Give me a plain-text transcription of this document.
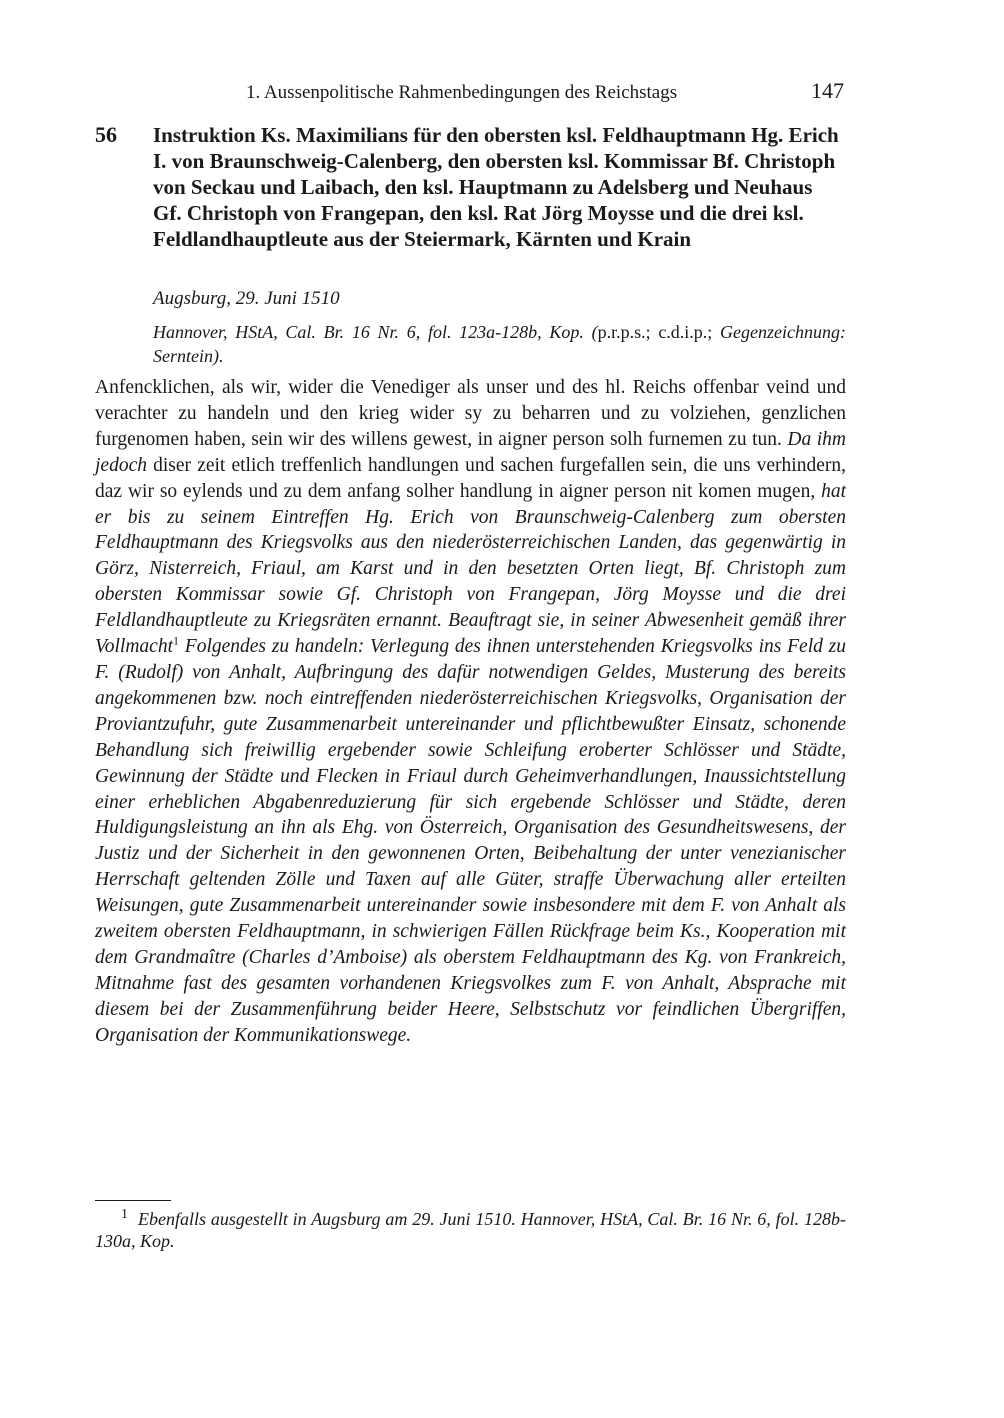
1. Aussenpolitische Rahmenbedingungen des Reichstags	147
56 Instruktion Ks. Maximilians für den obersten ksl. Feldhauptmann Hg. Erich I. von Braunschweig-Calenberg, den obersten ksl. Kommissar Bf. Christoph von Seckau und Laibach, den ksl. Hauptmann zu Adelsberg und Neuhaus Gf. Christoph von Frangepan, den ksl. Rat Jörg Moysse und die drei ksl. Feldlandhauptleute aus der Steiermark, Kärnten und Krain
Augsburg, 29. Juni 1510

Hannover, HStA, Cal. Br. 16 Nr. 6, fol. 123a-128b, Kop. (p.r.p.s.; c.d.i.p.; Gegenzeichnung: Serntein).

Anfencklichen, als wir, wider die Venediger als unser und des hl. Reichs offenbar veind und verachter zu handeln und den krieg wider sy zu beharren und zu volziehen, genzlichen furgenomen haben, sein wir des willens gewest, in aigner person solh furnemen zu tun. Da ihm jedoch diser zeit etlich treffenlich handlungen und sachen furgefallen sein, die uns verhindern, daz wir so eylends und zu dem anfang solher handlung in aigner person nit komen mugen, hat er bis zu seinem Eintreffen Hg. Erich von Braunschweig-Calenberg zum obersten Feldhauptmann des Kriegsvolks aus den niederösterreichischen Landen, das gegenwärtig in Görz, Nisterreich, Friaul, am Karst und in den besetzten Orten liegt, Bf. Christoph zum obersten Kommissar sowie Gf. Christoph von Frangepan, Jörg Moysse und die drei Feldlandhauptleute zu Kriegsräten ernannt. Beauftragt sie, in seiner Abwesenheit gemäß ihrer Vollmacht$^1$ Folgendes zu handeln: Verlegung des ihnen unterstehenden Kriegsvolks ins Feld zu F. (Rudolf) von Anhalt, Aufbringung des dafür notwendigen Geldes, Musterung des bereits angekommenen bzw. noch eintreffenden niederösterreichischen Kriegsvolks, Organisation der Proviantzufuhr, gute Zusammenarbeit untereinander und pflichtbewußter Einsatz, schonende Behandlung sich freiwillig ergebender sowie Schleifung eroberter Schlösser und Städte, Gewinnung der Städte und Flecken in Friaul durch Geheimverhandlungen, Inaussichtstellung einer erheblichen Abgabenreduzierung für sich ergebende Schlösser und Städte, deren Huldigungsleistung an ihn als Ehg. von Österreich, Organisation des Gesundheitswesens, der Justiz und der Sicherheit in den gewonnenen Orten, Beibehaltung der unter venezianischer Herrschaft geltenden Zölle und Taxen auf alle Güter, straffe Überwachung aller erteilten Weisungen, gute Zusammenarbeit untereinander sowie insbesondere mit dem F. von Anhalt als zweitem obersten Feldhauptmann, in schwierigen Fällen Rückfrage beim Ks., Kooperation mit dem Grandmaître (Charles d’Amboise) als oberstem Feldhauptmann des Kg. von Frankreich, Mitnahme fast des gesamten vorhandenen Kriegsvolkes zum F. von Anhalt, Absprache mit diesem bei der Zusammenführung beider Heere, Selbstschutz vor feindlichen Übergriffen, Organisation der Kommunikationswege.

$^1$ Ebenfalls ausgestellt in Augsburg am 29. Juni 1510. Hannover, HStA, Cal. Br. 16 Nr. 6, fol. 128b-130a, Kop.
